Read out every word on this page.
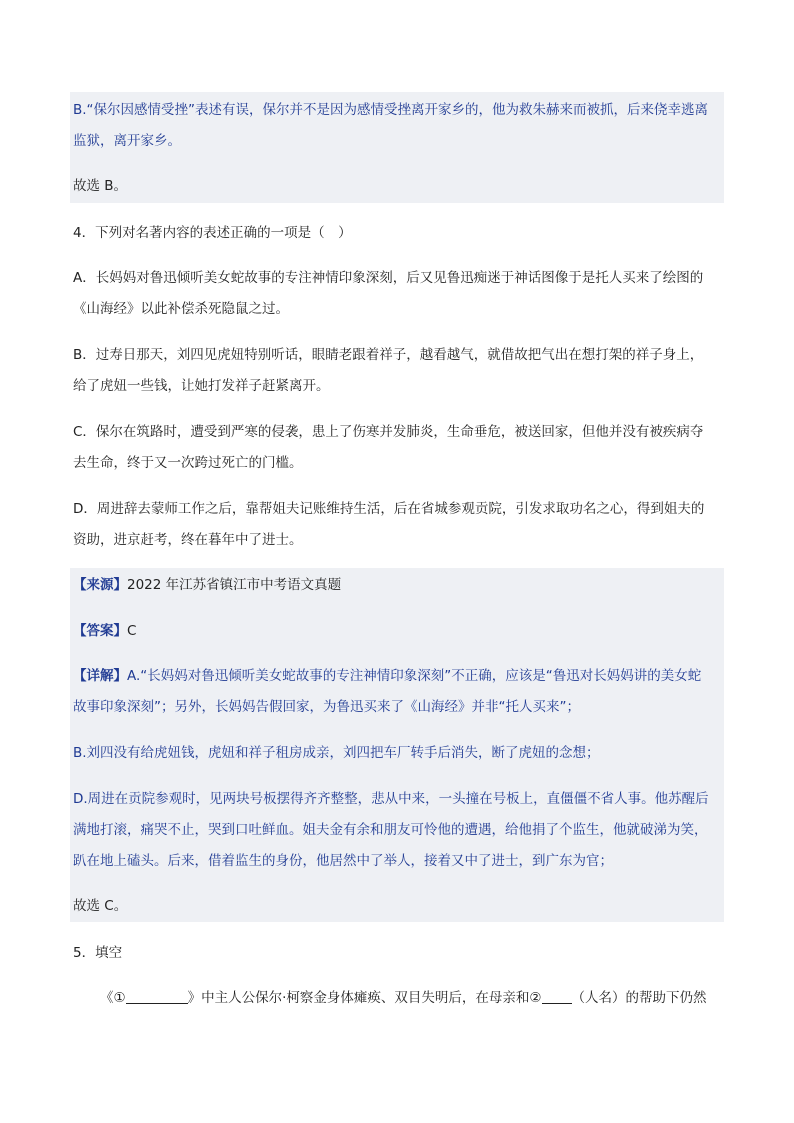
B.“保尔因感情受挫”表述有误，保尔并不是因为感情受挫离开家乡的，他为救朱赫来而被抓，后来侥幸逃离
监狱，离开家乡。
故选 B。
4．下列对名著内容的表述正确的一项是（　）
A．长妈妈对鲁迅倾听美女蛇故事的专注神情印象深刻，后又见鲁迅痴迷于神话图像于是托人买来了绘图的
《山海经》以此补偿杀死隐鼠之过。
B．过寿日那天，刘四见虎妞特别听话，眼睛老跟着祥子，越看越气，就借故把气出在想打架的祥子身上，
给了虎妞一些钱，让她打发祥子赶紧离开。
C．保尔在筑路时，遭受到严寒的侵袭，患上了伤寒并发肺炎，生命垂危，被送回家，但他并没有被疾病夺
去生命，终于又一次跨过死亡的门槛。
D．周进辞去蒙师工作之后，靠帮姐夫记账维持生活，后在省城参观贡院，引发求取功名之心，得到姐夫的
资助，进京赶考，终在暮年中了进士。
【来源】2022 年江苏省镇江市中考语文真题
【答案】C
【详解】A.“长妈妈对鲁迅倾听美女蛇故事的专注神情印象深刻”不正确，应该是“鲁迅对长妈妈讲的美女蛇
故事印象深刻”；另外，长妈妈告假回家，为鲁迅买来了《山海经》并非“托人买来”；
B.刘四没有给虎妞钱，虎妞和祥子租房成亲，刘四把车厂转手后消失，断了虎妞的念想；
D.周进在贡院参观时，见两块号板摆得齐齐整整，悲从中来，一头撞在号板上，直僵僵不省人事。他苏醒后
满地打滚，痛哭不止，哭到口吐鲜血。姐夫金有余和朋友可怜他的遭遇，给他捐了个监生，他就破涕为笑，
趴在地上磕头。后来，借着监生的身份，他居然中了举人，接着又中了进士，到广东为官；
故选 C。
5．填空
《①	》中主人公保尔·柯察金身体瘫痪、双目失明后，在母亲和② （人名）的帮助下仍然
